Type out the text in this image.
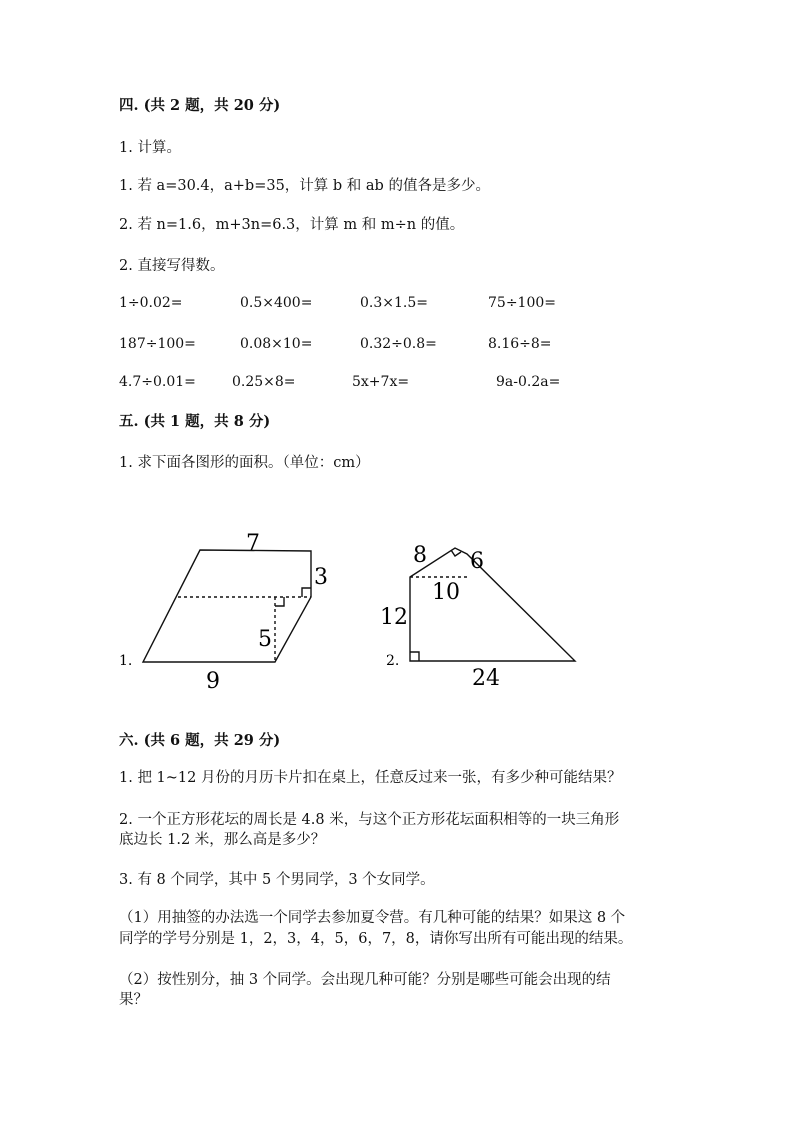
四. (共 2 题，共 20 分)
1. 计算。
1. 若 a=30.4，a+b=35，计算 b 和 ab 的值各是多少。
2. 若 n=1.6，m+3n=6.3，计算 m 和 m÷n 的值。
2. 直接写得数。
1÷0.02=	0.5×400=	0.3×1.5=	75÷100=
187÷100=	0.08×10=	0.32÷0.8=	8.16÷8=
4.7÷0.01=	0.25×8=	5x+7x=	9a-0.2a=
五. (共 1 题，共 8 分)
1. 求下面各图形的面积。（单位：cm）
1.
7
3
5
9
2.
8 6
10
12
24
六. (共 6 题，共 29 分)
1. 把 1~12 月份的月历卡片扣在桌上，任意反过来一张，有多少种可能结果？
2. 一个正方形花坛的周长是 4.8 米，与这个正方形花坛面积相等的一块三角形
底边长 1.2 米，那么高是多少？
3. 有 8 个同学，其中 5 个男同学，3 个女同学。
（1）用抽签的办法选一个同学去参加夏令营。有几种可能的结果？如果这 8 个
同学的学号分别是 1，2，3，4，5，6，7，8，请你写出所有可能出现的结果。
（2）按性别分，抽 3 个同学。会出现几种可能？分别是哪些可能会出现的结
果？
